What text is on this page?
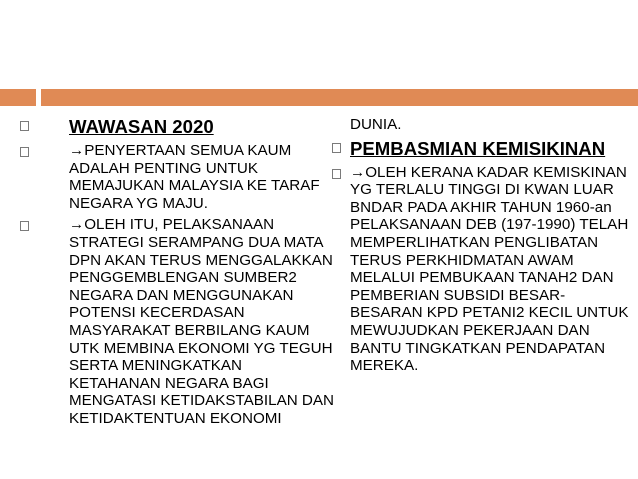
WAWASAN 2020
→PENYERTAAN SEMUA KAUM ADALAH PENTING UNTUK MEMAJUKAN MALAYSIA KE TARAF NEGARA YG MAJU.
→OLEH ITU, PELAKSANAAN STRATEGI SERAMPANG DUA MATA DPN AKAN TERUS MENGGALAKKAN PENGGEMBLENGAN SUMBER2 NEGARA DAN MENGGUNAKAN POTENSI KECERDASAN MASYARAKAT BERBILANG KAUM UTK MEMBINA EKONOMI YG TEGUH SERTA MENINGKATKAN KETAHANAN NEGARA BAGI MENGATASI KETIDAKSTABILAN DAN KETIDAKTENTUAN EKONOMI
DUNIA.
PEMBASMIAN KEMISIKINAN
→OLEH KERANA KADAR KEMISKINAN YG TERLALU TINGGI DI KWAN LUAR BNDAR PADA AKHIR TAHUN 1960-an PELAKSANAAN DEB (197-1990) TELAH MEMPERLIHATKAN PENGLIBATAN TERUS PERKHIDMATAN AWAM MELALUI PEMBUKAAN TANAH2 DAN PEMBERIAN SUBSIDI BESAR-BESARAN KPD PETANI2 KECIL UNTUK MEWUJUDKAN PEKERJAAN DAN BANTU TINGKATKAN PENDAPATAN MEREKA.
